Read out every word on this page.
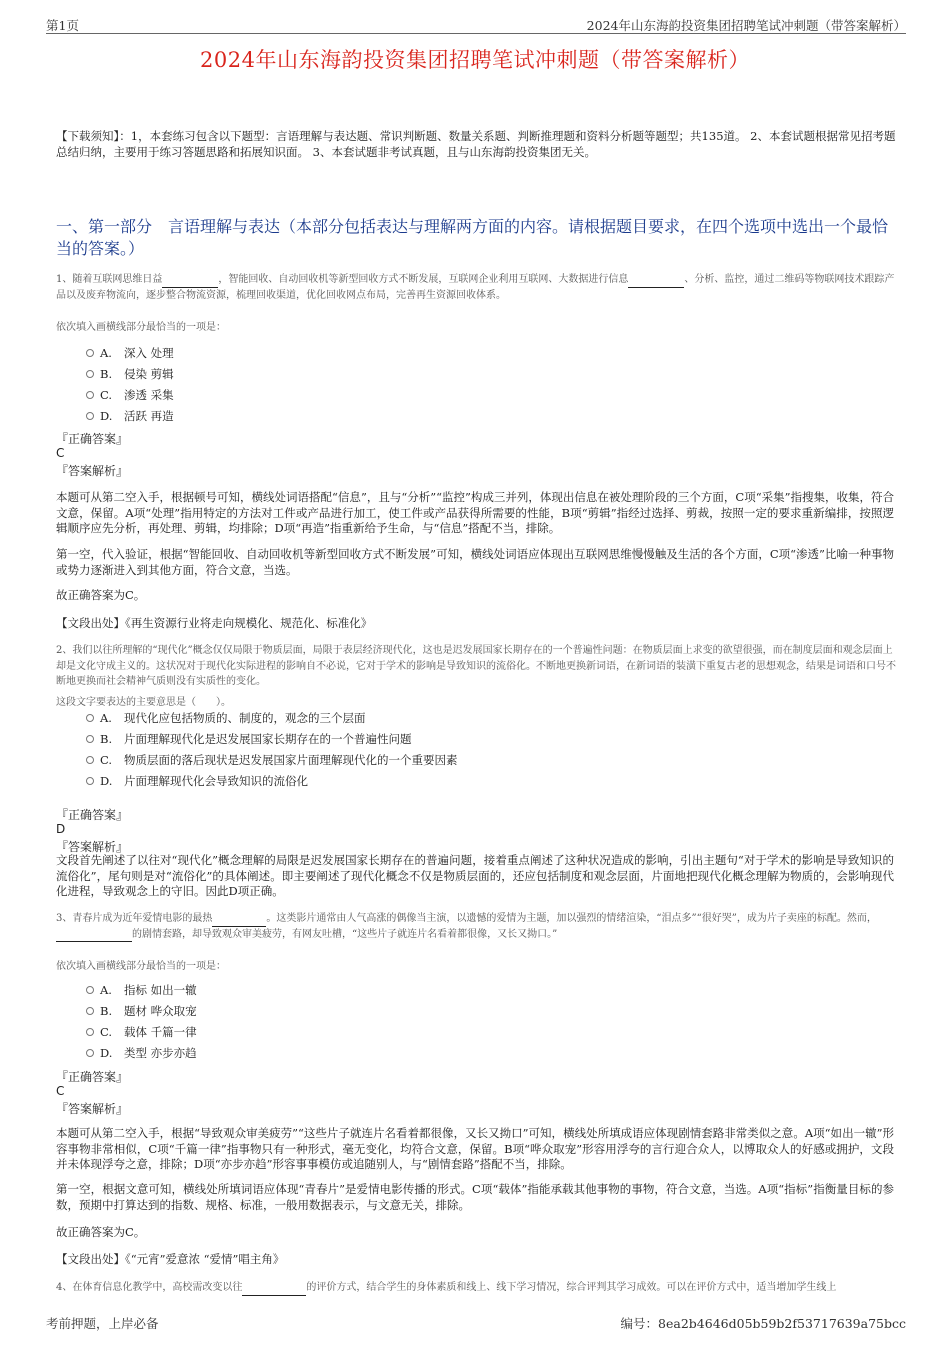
第1页	2024年山东海韵投资集团招聘笔试冲刺题（带答案解析）
2024年山东海韵投资集团招聘笔试冲刺题（带答案解析）
【下载须知】：1，本套练习包含以下题型：言语理解与表达题、常识判断题、数量关系题、判断推理题和资料分析题等题型；共135道。 2、本套试题根据常见招考题总结归纳，主要用于练习答题思路和拓展知识面。 3、本套试题非考试真题，且与山东海韵投资集团无关。
一、第一部分　言语理解与表达（本部分包括表达与理解两方面的内容。请根据题目要求，在四个选项中选出一个最恰当的答案。）
1、随着互联网思维日益	，智能回收、自动回收机等新型回收方式不断发展，互联网企业利用互联网、大数据进行信息	、分析、监控，通过二维码等物联网技术跟踪产品以及废弃物流向，逐步整合物流资源，梳理回收渠道，优化回收网点布局，完善再生资源回收体系。
依次填入画横线部分最恰当的一项是：
A. 深入 处理
B. 侵染 剪辑
C. 渗透 采集
D. 活跃 再造
『正确答案』
C
『答案解析』
本题可从第二空入手，根据顿号可知，横线处词语搭配“信息”，且与“分析”“监控”构成三并列，体现出信息在被处理阶段的三个方面，C项“采集”指搜集，收集，符合文意，保留。A项“处理”指用特定的方法对工件或产品进行加工，使工件或产品获得所需要的性能，B项“剪辑”指经过选择、剪裁，按照一定的要求重新编排，按照逻辑顺序应先分析，再处理、剪辑，均排除；D项“再造”指重新给予生命，与“信息”搭配不当，排除。
第一空，代入验证，根据“智能回收、自动回收机等新型回收方式不断发展”可知，横线处词语应体现出互联网思维慢慢触及生活的各个方面，C项“渗透”比喻一种事物或势力逐渐进入到其他方面，符合文意，当选。
故正确答案为C。
【文段出处】《再生资源行业将走向规模化、规范化、标准化》
2、我们以往所理解的“现代化”概念仅仅局限于物质层面，局限于表层经济现代化，这也是迟发展国家长期存在的一个普遍性问题：在物质层面上求变的欲望很强，而在制度层面和观念层面上却是文化守成主义的。这状况对于现代化实际进程的影响自不必说，它对于学术的影响是导致知识的流俗化。不断地更换新词语，在新词语的装潢下重复古老的思想观念，结果是词语和口号不断地更换而社会精神气质则没有实质性的变化。
这段文字要表达的主要意思是（　　）。
A. 现代化应包括物质的、制度的，观念的三个层面
B. 片面理解现代化是迟发展国家长期存在的一个普遍性问题
C. 物质层面的落后现状是迟发展国家片面理解现代化的一个重要因素
D. 片面理解现代化会导致知识的流俗化
『正确答案』
D
『答案解析』
文段首先阐述了以往对“现代化”概念理解的局限是迟发展国家长期存在的普遍问题，接着重点阐述了这种状况造成的影响，引出主题句“对于学术的影响是导致知识的流俗化”，尾句则是对“流俗化”的具体阐述。即主要阐述了现代化概念不仅是物质层面的，还应包括制度和观念层面，片面地把现代化概念理解为物质的，会影响现代化进程，导致观念上的守旧。因此D项正确。
3、青春片成为近年爱情电影的最热	。这类影片通常由人气高涨的偶像当主演，以遗憾的爱情为主题，加以强烈的情绪渲染，“泪点多”“很好哭”，成为片子卖座的标配。然而，的剧情套路，却导致观众审美疲劳，有网友吐槽，“这些片子就连片名看着都很像，又长又拗口。”
依次填入画横线部分最恰当的一项是：
A. 指标 如出一辙
B. 题材 哗众取宠
C. 载体 千篇一律
D. 类型 亦步亦趋
『正确答案』
C
『答案解析』
本题可从第二空入手，根据“导致观众审美疲劳”“这些片子就连片名看着都很像，又长又拗口”可知，横线处所填成语应体现剧情套路非常类似之意。A项“如出一辙”形容事物非常相似，C项“千篇一律”指事物只有一种形式，毫无变化，均符合文意，保留。B项“哗众取宠”形容用浮夸的言行迎合众人，以博取众人的好感或拥护，文段并未体现浮夸之意，排除；D项“亦步亦趋”形容事事模仿或追随别人，与“剧情套路”搭配不当，排除。
第一空，根据文意可知，横线处所填词语应体现“青春片”是爱情电影传播的形式。C项“载体”指能承载其他事物的事物，符合文意，当选。A项“指标”指衡量目标的参数，预期中打算达到的指数、规格、标准，一般用数据表示，与文意无关，排除。
故正确答案为C。
【文段出处】《“元宵”爱意浓 “爱情”唱主角》
4、在体育信息化教学中，高校需改变以往	的评价方式，结合学生的身体素质和线上、线下学习情况，综合评判其学习成效。可以在评价方式中，适当增加学生线上
考前押题，上岸必备	编号：8ea2b4646d05b59b2f53717639a75bcc
